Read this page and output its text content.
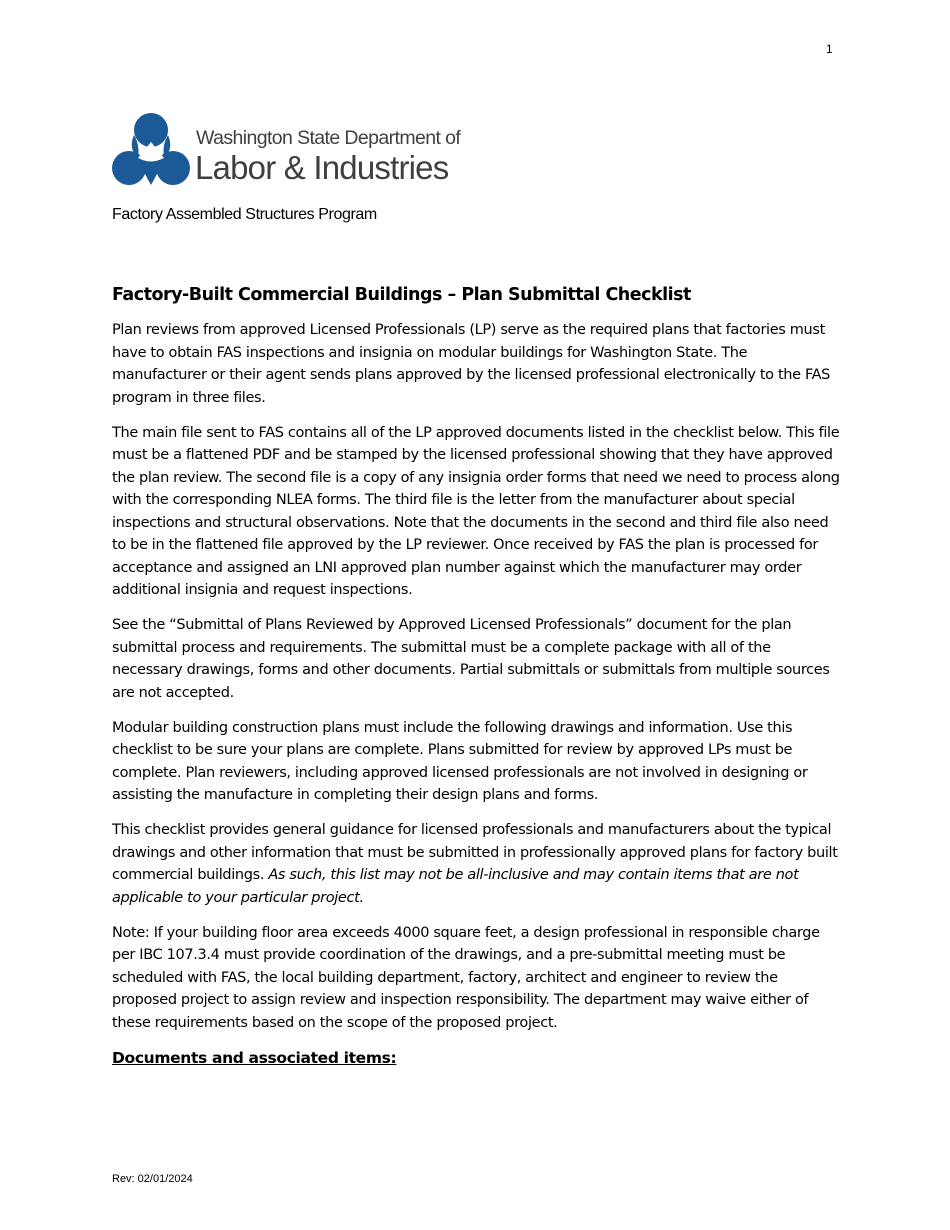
1
Washington State Department of
Labor & Industries
Factory Assembled Structures Program
Factory-Built Commercial Buildings – Plan Submittal Checklist

Plan reviews from approved Licensed Professionals (LP) serve as the required plans that factories must have to obtain FAS inspections and insignia on modular buildings for Washington State. The manufacturer or their agent sends plans approved by the licensed professional electronically to the FAS program in three files.

The main file sent to FAS contains all of the LP approved documents listed in the checklist below. This file must be a flattened PDF and be stamped by the licensed professional showing that they have approved the plan review. The second file is a copy of any insignia order forms that need we need to process along with the corresponding NLEA forms. The third file is the letter from the manufacturer about special inspections and structural observations. Note that the documents in the second and third file also need to be in the flattened file approved by the LP reviewer. Once received by FAS the plan is processed for acceptance and assigned an LNI approved plan number against which the manufacturer may order additional insignia and request inspections.

See the “Submittal of Plans Reviewed by Approved Licensed Professionals” document for the plan submittal process and requirements. The submittal must be a complete package with all of the necessary drawings, forms and other documents. Partial submittals or submittals from multiple sources are not accepted.

Modular building construction plans must include the following drawings and information. Use this checklist to be sure your plans are complete. Plans submitted for review by approved LPs must be complete. Plan reviewers, including approved licensed professionals are not involved in designing or assisting the manufacture in completing their design plans and forms.

This checklist provides general guidance for licensed professionals and manufacturers about the typical drawings and other information that must be submitted in professionally approved plans for factory built commercial buildings. As such, this list may not be all-inclusive and may contain items that are not applicable to your particular project.

Note: If your building floor area exceeds 4000 square feet, a design professional in responsible charge per IBC 107.3.4 must provide coordination of the drawings, and a pre-submittal meeting must be scheduled with FAS, the local building department, factory, architect and engineer to review the proposed project to assign review and inspection responsibility. The department may waive either of these requirements based on the scope of the proposed project.

Documents and associated items:
Rev: 02/01/2024
